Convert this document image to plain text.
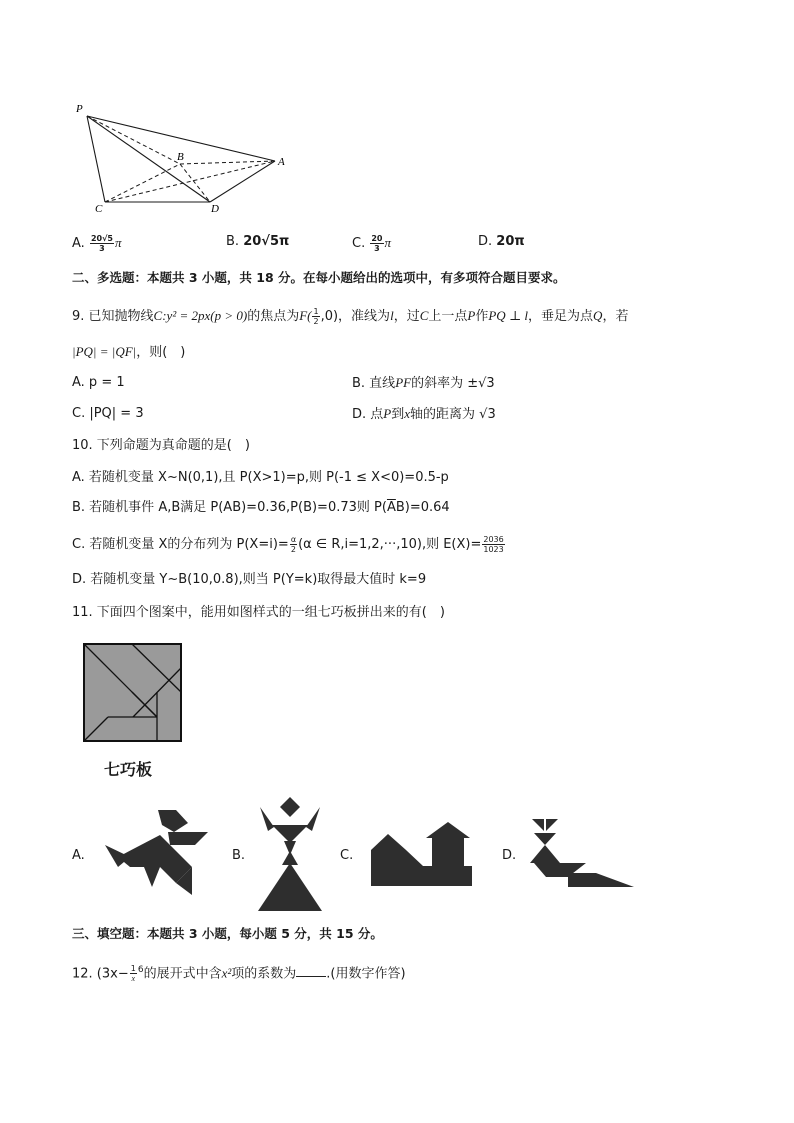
P
B	A
C	D
A. $\frac{20√5}{3}$ π	B. 20√5π	C. $\frac{20}{3}$ π	D. 20π
二、多选题：本题共 3 小题，共 18 分。在每小题给出的选项中，有多项符合题目要求。
9. 已知抛物线C:y² = 2px(p > 0)的焦点为$F( \frac{1}{2} ,0)$，准线为l，过C上一点P作PQ ⊥ l，垂足为点Q，若
|PQ| = |QF|，则(　)
A. p = 1	B. 直线PF的斜率为 ±√3
C. |PQ| = 3	D. 点P到x轴的距离为 √3
10. 下列命题为真命题的是(　)
A. 若随机变量 X~N(0,1),且 P(X>1)=p,则 P(-1 ≤ X<0)=0.5-p
B. 若随机事件 A,B满足 P(AB)=0.36,P(B)=0.73则 $P(\overline{A}B)=0.64$
C. 若随机变量 X的分布列为 $P(X=i)= \frac{\alpha}{2} (\alpha$ ∈ R,i=1,2,···,10),则 $E(X)= \frac{2036}{1023}$
D. 若随机变量 Y~B(10,0.8),则当 P(Y=k)取得最大值时 k=9
11. 下面四个图案中，能用如图样式的一组七巧板拼出来的有(　)
七巧板
A.	B.	C.	D.
三、填空题：本题共 3 小题，每小题 5 分，共 15 分。
12. ($3x- \frac{1}{x} ^6$的展开式中含x²项的系数为 .(用数字作答)
